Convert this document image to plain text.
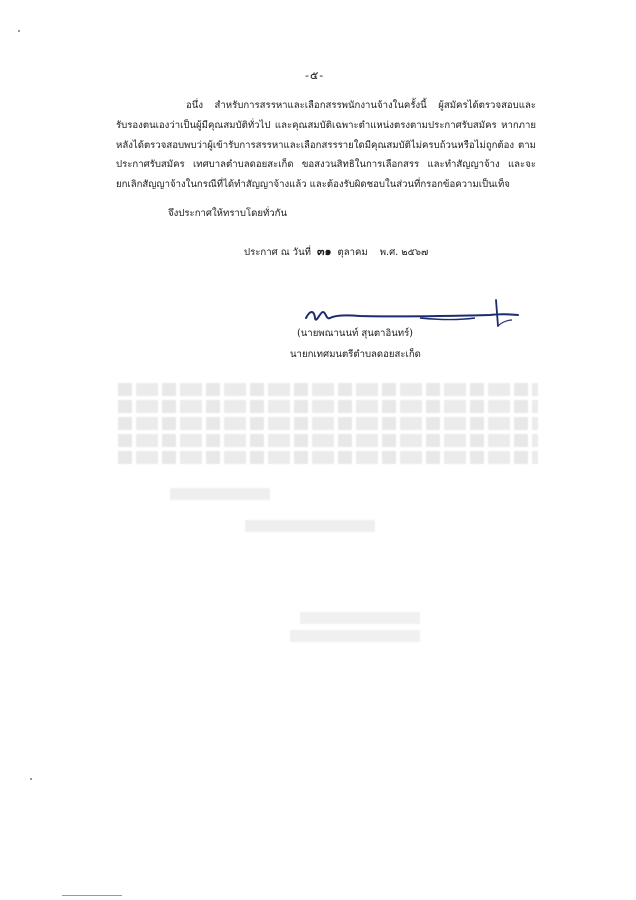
-๕-
อนึ่ง สำหรับการสรรหาและเลือกสรรพนักงานจ้างในครั้งนี้ ผู้สมัครได้ตรวจสอบและรับรองตนเองว่าเป็นผู้มีคุณสมบัติทั่วไป และคุณสมบัติเฉพาะตำแหน่งตรงตามประกาศรับสมัคร หากภายหลังได้ตรวจสอบพบว่าผู้เข้ารับการสรรหาและเลือกสรรรายใดมีคุณสมบัติไม่ครบถ้วนหรือไม่ถูกต้อง ตามประกาศรับสมัคร เทศบาลตำบลดอยสะเก็ด ขอสงวนสิทธิในการเลือกสรร และทำสัญญาจ้าง และจะยกเลิกสัญญาจ้างในกรณีที่ได้ทำสัญญาจ้างแล้ว และต้องรับผิดชอบในส่วนที่กรอกข้อความเป็นเท็จ
จึงประกาศให้ทราบโดยทั่วกัน
ประกาศ ณ วันที่ ๓๑ ตุลาคม พ.ศ. ๒๕๖๗
(นายพณานนท์ สุนตาอินทร์)
นายกเทศมนตรีตำบลดอยสะเก็ด
